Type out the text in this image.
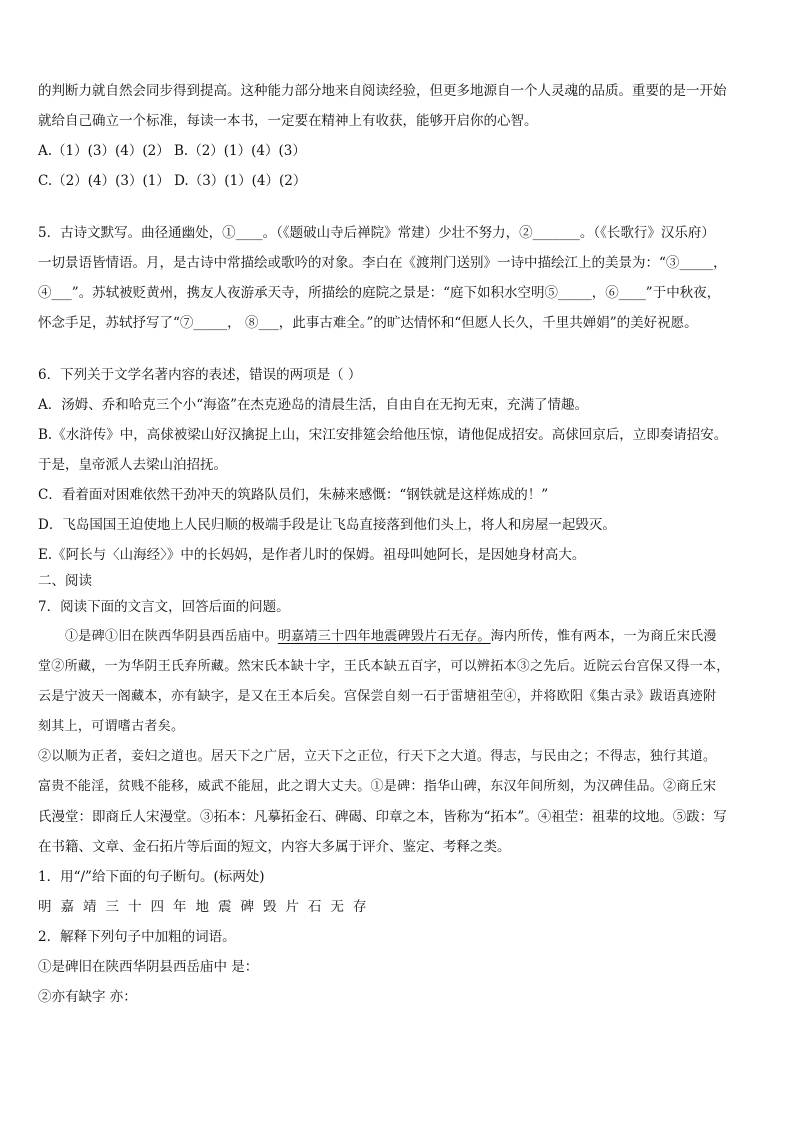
的判断力就自然会同步得到提高。这种能力部分地来自阅读经验，但更多地源自一个人灵魂的品质。重要的是一开始
就给自己确立一个标准，每读一本书，一定要在精神上有收获，能够开启你的心智。
A.（1）(3）(4）(2） B.（2）(1）(4）(3）
C.（2）(4）(3）(1） D.（3）(1）(4）(2）
5．古诗文默写。曲径通幽处，①____。（《题破山寺后禅院》常建）少壮不努力，②_______。（《长歌行》汉乐府）
一切景语皆情语。月，是古诗中常描绘或歌吟的对象。李白在《渡荆门送别》一诗中描绘江上的美景为：“③_____，
④___”。苏轼被贬黄州，携友人夜游承天寺，所描绘的庭院之景是：“庭下如积水空明⑤_____，⑥____”于中秋夜，
怀念手足，苏轼抒写了“⑦_____， ⑧___，此事古难全。”的旷达情怀和“但愿人长久，千里共婵娟”的美好祝愿。
6．下列关于文学名著内容的表述，错误的两项是（ ）
A．汤姆、乔和哈克三个小“海盗”在杰克逊岛的清晨生活，自由自在无拘无束，充满了情趣。
B.《水浒传》中，高俅被梁山好汉擒捉上山，宋江安排筵会给他压惊，请他促成招安。高俅回京后，立即奏请招安。
于是，皇帝派人去梁山泊招抚。
C．看着面对困难依然干劲冲天的筑路队员们，朱赫来感慨：“钢铁就是这样炼成的！”
D．飞岛国国王迫使地上人民归顺的极端手段是让飞岛直接落到他们头上，将人和房屋一起毁灭。
E.《阿长与〈山海经〉》中的长妈妈，是作者儿时的保姆。祖母叫她阿长，是因她身材高大。
二、阅读
7．阅读下面的文言文，回答后面的问题。
①是碑①旧在陕西华阴县西岳庙中。明嘉靖三十四年地震碑毁片石无存。海内所传，惟有两本，一为商丘宋氏漫
堂②所藏，一为华阴王氏弃所藏。然宋氏本缺十字，王氏本缺五百字，可以辨拓本③之先后。近院云台宫保又得一本，
云是宁波天一阁藏本，亦有缺字，是又在王本后矣。宫保尝自刻一石于雷塘祖茔④，并将欧阳《集古录》跋语真迹附
刻其上，可谓嗜古者矣。
②以顺为正者，妾妇之道也。居天下之广居，立天下之正位，行天下之大道。得志，与民由之；不得志，独行其道。
富贵不能淫，贫贱不能移，威武不能屈，此之谓大丈夫。①是碑：指华山碑，东汉年间所刻，为汉碑佳品。②商丘宋
氏漫堂：即商丘人宋漫堂。③拓本：凡摹拓金石、碑碣、印章之本，皆称为“拓本”。④祖茔：祖辈的坟地。⑤跋：写
在书籍、文章、金石拓片等后面的短文，内容大多属于评介、鉴定、考释之类。
1．用“/”给下面的句子断句。(标两处)
明嘉靖三十四年地震碑毁片石无存
2．解释下列句子中加粗的词语。
①是碑旧在陕西华阴县西岳庙中 是：
②亦有缺字 亦：
